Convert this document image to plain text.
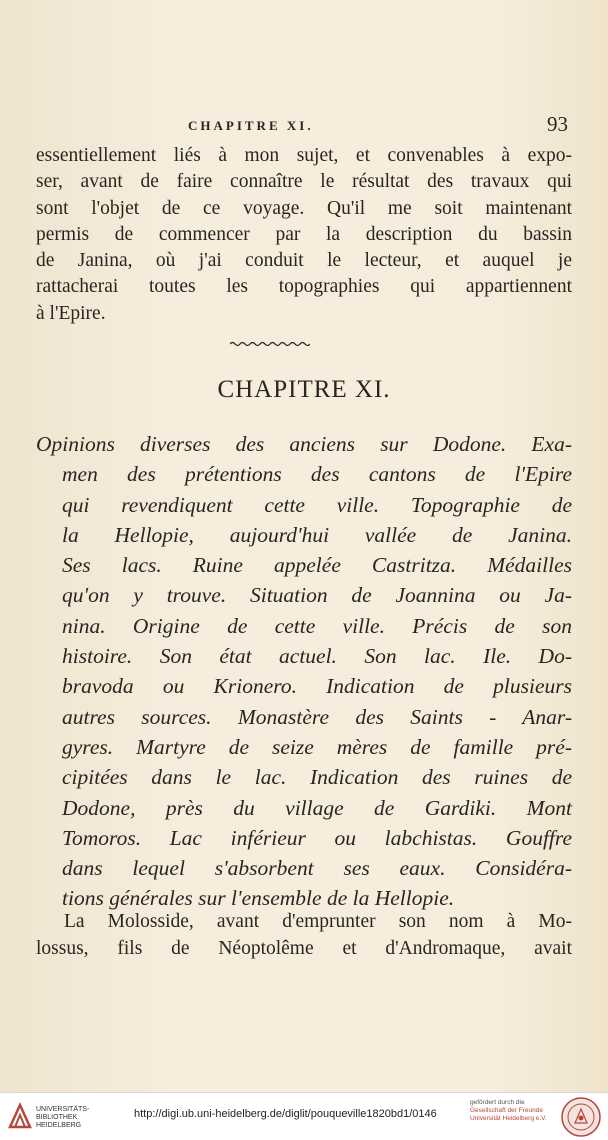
CHAPITRE XI.	93
essentiellement liés à mon sujet, et convenables à expo-
ser, avant de faire connaître le résultat des travaux qui
sont l'objet de ce voyage. Qu'il me soit maintenant
permis de commencer par la description du bassin
de Janina, où j'ai conduit le lecteur, et auquel je
rattacherai toutes les topographies qui appartiennent
à l'Epire.
CHAPITRE XI.
Opinions diverses des anciens sur Dodone. Exa-
men des prétentions des cantons de l'Epire
qui revendiquent cette ville. Topographie de
la Hellopie, aujourd'hui vallée de Janina.
Ses lacs. Ruine appelée Castritza. Médailles
qu'on y trouve. Situation de Joannina ou Ja-
nina. Origine de cette ville. Précis de son
histoire. Son état actuel. Son lac. Ile. Do-
bravoda ou Krionero. Indication de plusieurs
autres sources. Monastère des Saints - Anar-
gyres. Martyre de seize mères de famille pré-
cipitées dans le lac. Indication des ruines de
Dodone, près du village de Gardiki. Mont
Tomoros. Lac inférieur ou labchistas. Gouffre
dans lequel s'absorbent ses eaux. Considéra-
tions générales sur l'ensemble de la Hellopie.
La Molosside, avant d'emprunter son nom à Mo-
lossus, fils de Néoptolême et d'Andromaque, avait
UNIVERSITÄTS-
BIBLIOTHEK
HEIDELBERG
http://digi.ub.uni-heidelberg.de/diglit/pouqueville1820bd1/0146
gefördert durch die
Gesellschaft der Freunde
Universität Heidelberg e.V.
